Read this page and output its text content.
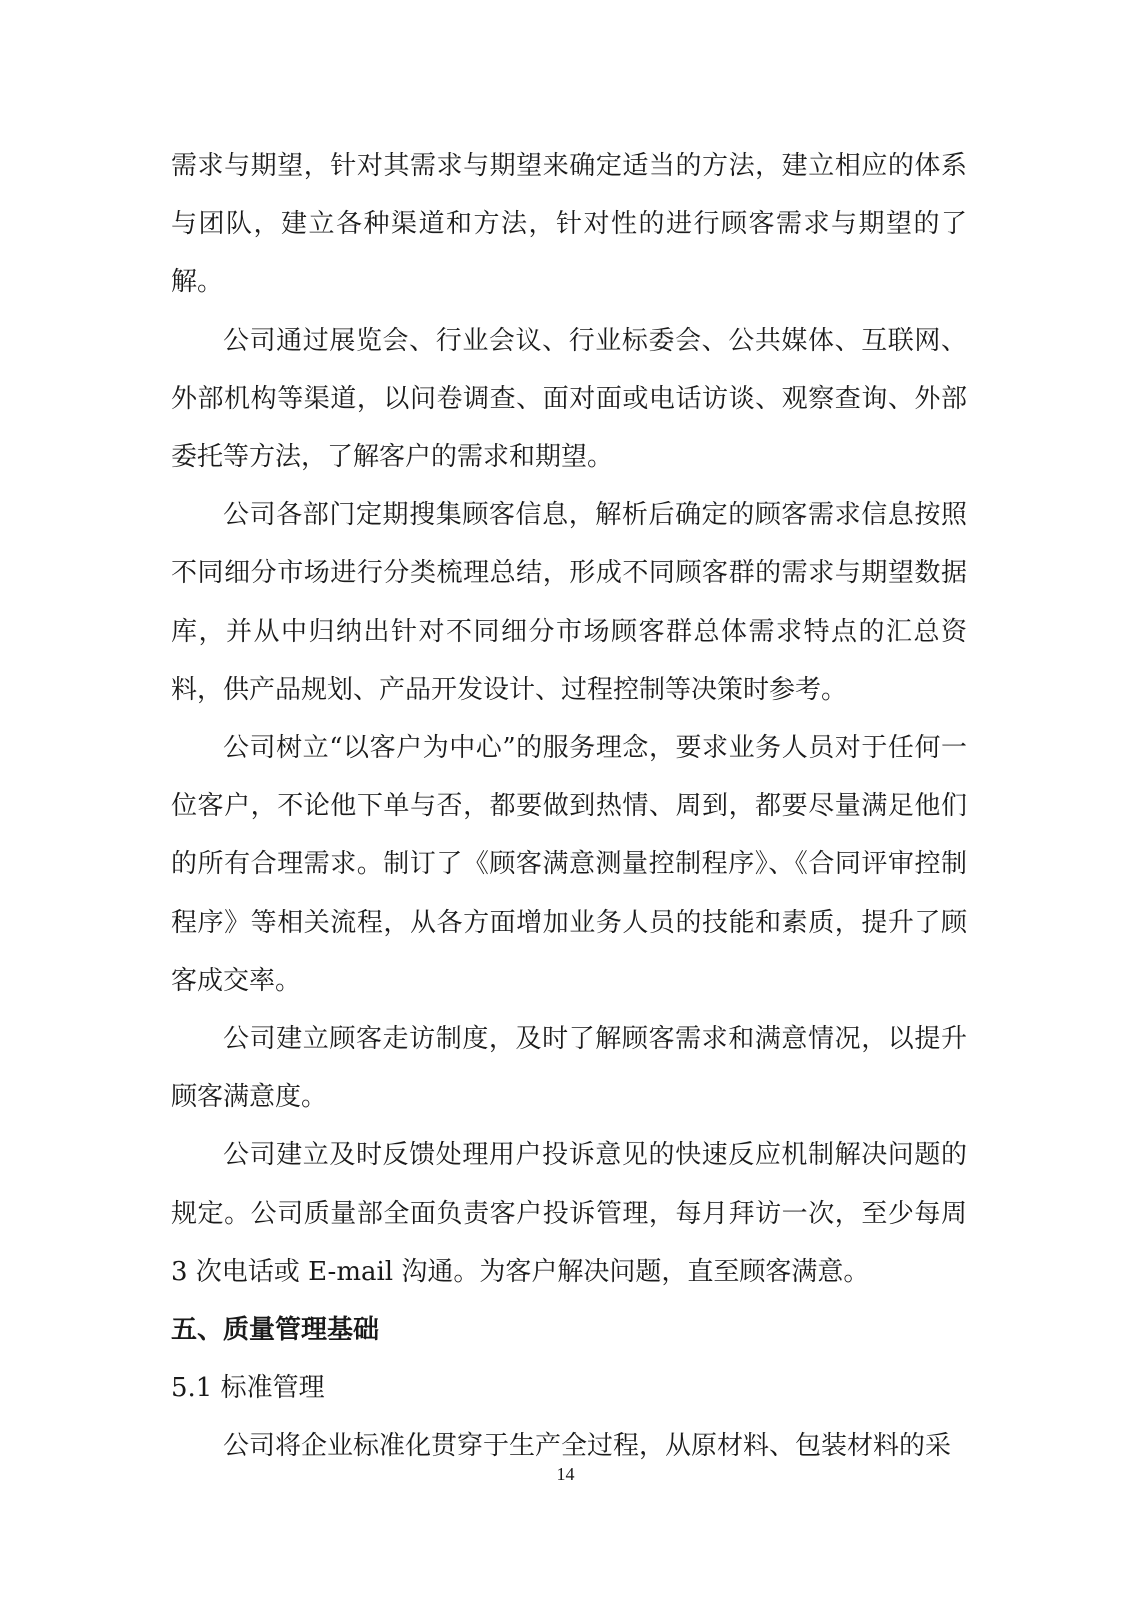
需求与期望，针对其需求与期望来确定适当的方法，建立相应的体系与团队，建立各种渠道和方法，针对性的进行顾客需求与期望的了解。

公司通过展览会、行业会议、行业标委会、公共媒体、互联网、外部机构等渠道，以问卷调查、面对面或电话访谈、观察查询、外部委托等方法，了解客户的需求和期望。

公司各部门定期搜集顾客信息，解析后确定的顾客需求信息按照不同细分市场进行分类梳理总结，形成不同顾客群的需求与期望数据库，并从中归纳出针对不同细分市场顾客群总体需求特点的汇总资料，供产品规划、产品开发设计、过程控制等决策时参考。

公司树立“以客户为中心”的服务理念，要求业务人员对于任何一位客户，不论他下单与否，都要做到热情、周到，都要尽量满足他们的所有合理需求。制订了《顾客满意测量控制程序》、《合同评审控制程序》等相关流程，从各方面增加业务人员的技能和素质，提升了顾客成交率。

公司建立顾客走访制度，及时了解顾客需求和满意情况，以提升顾客满意度。

公司建立及时反馈处理用户投诉意见的快速反应机制解决问题的规定。公司质量部全面负责客户投诉管理，每月拜访一次，至少每周 3 次电话或 E-mail 沟通。为客户解决问题，直至顾客满意。

五、质量管理基础
5.1 标准管理

公司将企业标准化贯穿于生产全过程，从原材料、包装材料的采

14
